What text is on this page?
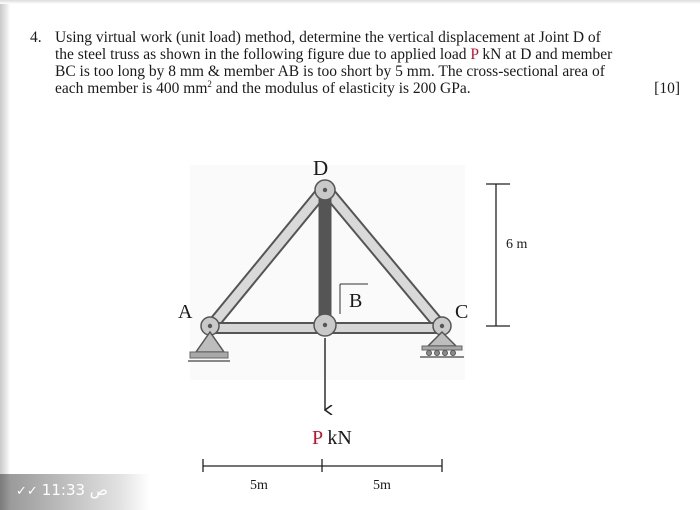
4. Using virtual work (unit load) method, determine the vertical displacement at Joint D of
the steel truss as shown in the following figure due to applied load P kN at D and member
BC is too long by 8 mm & member AB is too short by 5 mm. The cross-sectional area of
each member is 400 $mm^2$ and the modulus of elasticity is 200 GPa.	[10]
D
A	B	C
6 m
P kN
5m	5m
✓✓ 11:33 ص
